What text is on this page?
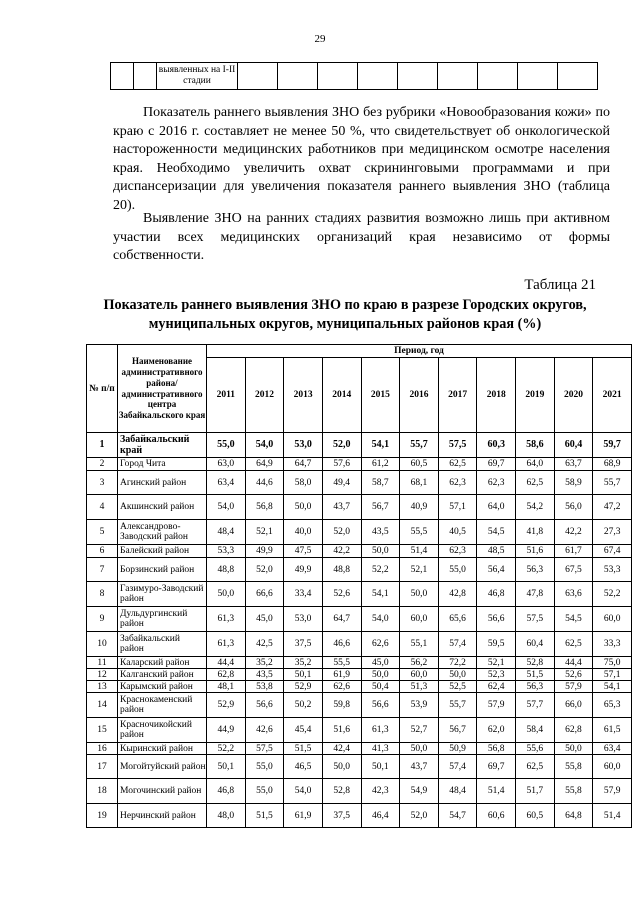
29
		выявленных на I-II стадии									

Показатель раннего выявления ЗНО без рубрики «Новообразования кожи» по краю с 2016 г. составляет не менее 50 %, что свидетельствует об онкологической настороженности медицинских работников при медицинском осмотре населения края. Необходимо увеличить охват скрининговыми программами и при диспансеризации для увеличения показателя раннего выявления ЗНО (таблица 20).

Выявление ЗНО на ранних стадиях развития возможно лишь при активном участии всех медицинских организаций края независимо от формы собственности.

Таблица 21
Показатель раннего выявления ЗНО по краю в разрезе Городских округов, муниципальных округов, муниципальных районов края (%)
№ п/п	Наименование административного района/ административного центра Забайкальского края	Период, год										
		2011	2012	2013	2014	2015	2016	2017	2018	2019	2020	2021
1	Забайкальский край	55,0	54,0	53,0	52,0	54,1	55,7	57,5	60,3	58,6	60,4	59,7
2	Город Чита	63,0	64,9	64,7	57,6	61,2	60,5	62,5	69,7	64,0	63,7	68,9
3	Агинский район	63,4	44,6	58,0	49,4	58,7	68,1	62,3	62,3	62,5	58,9	55,7
4	Акшинский район	54,0	56,8	50,0	43,7	56,7	40,9	57,1	64,0	54,2	56,0	47,2
5	Александрово-Заводский район	48,4	52,1	40,0	52,0	43,5	55,5	40,5	54,5	41,8	42,2	27,3
6	Балейский район	53,3	49,9	47,5	42,2	50,0	51,4	62,3	48,5	51,6	61,7	67,4
7	Борзинский район	48,8	52,0	49,9	48,8	52,2	52,1	55,0	56,4	56,3	67,5	53,3
8	Газимуро-Заводский район	50,0	66,6	33,4	52,6	54,1	50,0	42,8	46,8	47,8	63,6	52,2
9	Дульдургинский район	61,3	45,0	53,0	64,7	54,0	60,0	65,6	56,6	57,5	54,5	60,0
10	Забайкальский район	61,3	42,5	37,5	46,6	62,6	55,1	57,4	59,5	60,4	62,5	33,3
11	Каларский район	44,4	35,2	35,2	55,5	45,0	56,2	72,2	52,1	52,8	44,4	75,0
12	Калганский район	62,8	43,5	50,1	61,9	50,0	60,0	50,0	52,3	51,5	52,6	57,1
13	Карымский район	48,1	53,8	52,9	62,6	50,4	51,3	52,5	62,4	56,3	57,9	54,1
14	Краснокаменский район	52,9	56,6	50,2	59,8	56,6	53,9	55,7	57,9	57,7	66,0	65,3
15	Красночикойский район	44,9	42,6	45,4	51,6	61,3	52,7	56,7	62,0	58,4	62,8	61,5
16	Кыринский район	52,2	57,5	51,5	42,4	41,3	50,0	50,9	56,8	55,6	50,0	63,4
17	Могойтуйский район	50,1	55,0	46,5	50,0	50,1	43,7	57,4	69,7	62,5	55,8	60,0
18	Могочинский район	46,8	55,0	54,0	52,8	42,3	54,9	48,4	51,4	51,7	55,8	57,9
19	Нерчинский район	48,0	51,5	61,9	37,5	46,4	52,0	54,7	60,6	60,5	64,8	51,4
